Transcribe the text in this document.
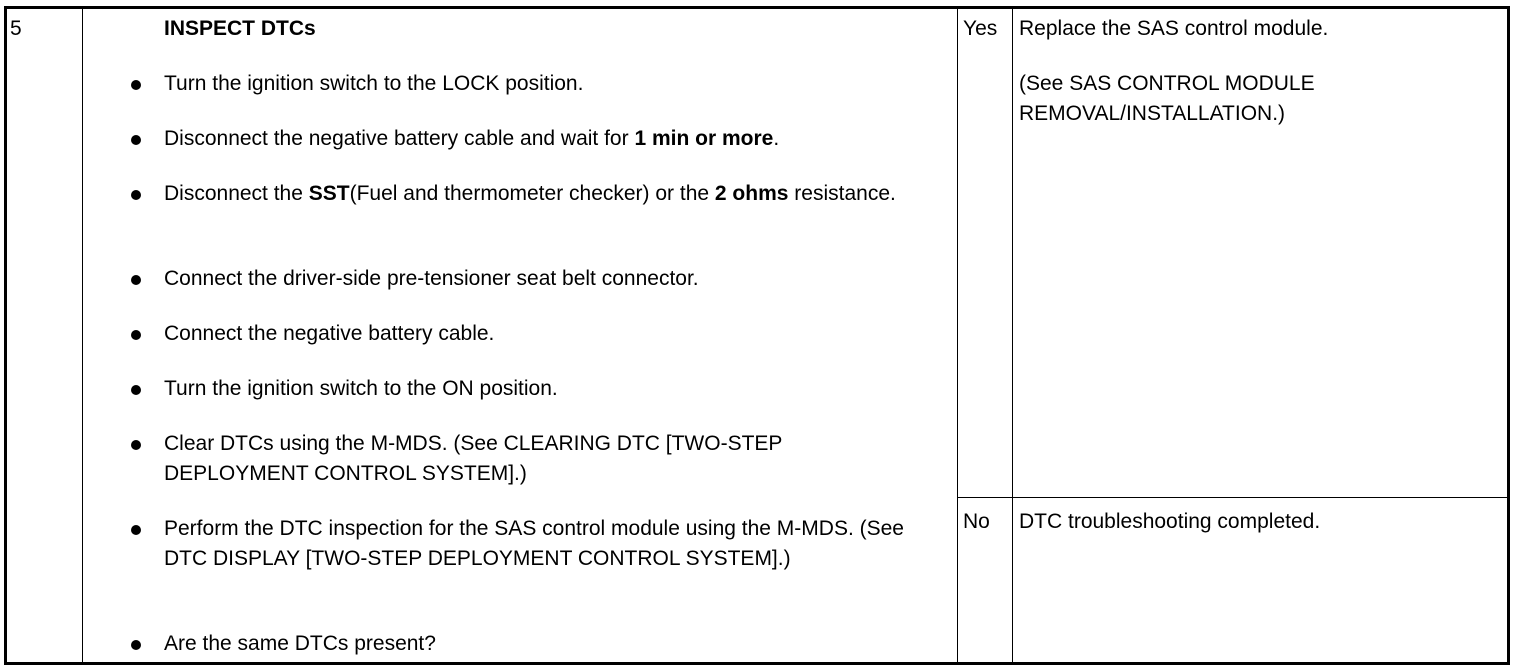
5	INSPECT DTCs
Turn the ignition switch to the LOCK position.
Disconnect the negative battery cable and wait for 1 min or more.
Disconnect the SST(Fuel and thermometer checker) or the 2 ohms resistance.
Connect the driver-side pre-tensioner seat belt connector.
Connect the negative battery cable.
Turn the ignition switch to the ON position.
Clear DTCs using the M-MDS. (See CLEARING DTC [TWO-STEP DEPLOYMENT CONTROL SYSTEM].)
Perform the DTC inspection for the SAS control module using the M-MDS. (See DTC DISPLAY [TWO-STEP DEPLOYMENT CONTROL SYSTEM].)
Are the same DTCs present?
Yes Replace the SAS control module.
(See SAS CONTROL MODULE REMOVAL/INSTALLATION.)
No DTC troubleshooting completed.
